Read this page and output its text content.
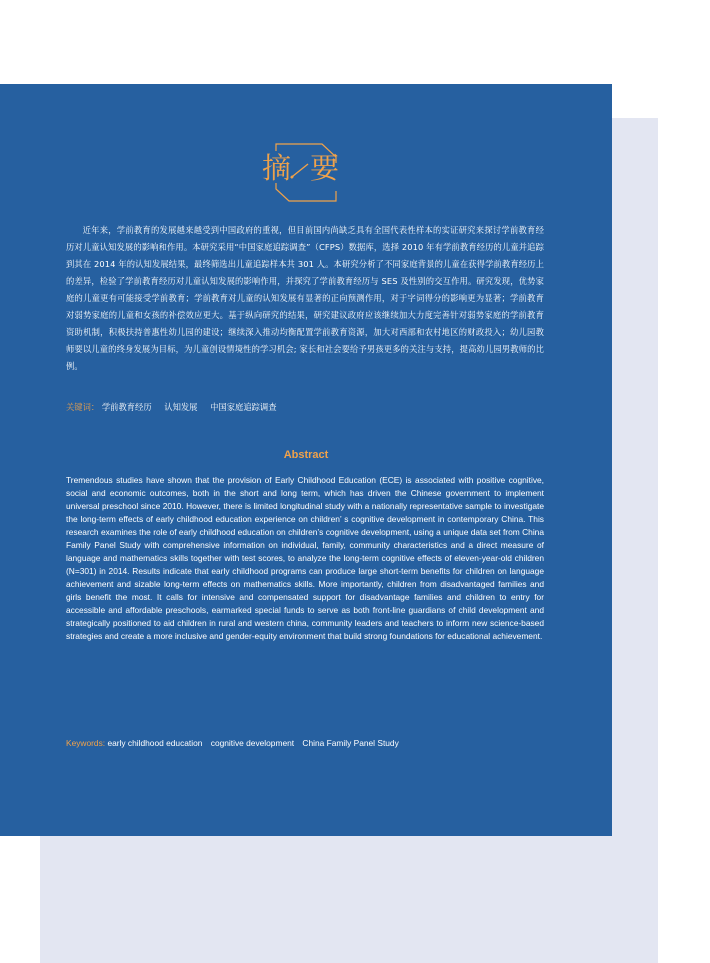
摘 要

近年来，学前教育的发展越来越受到中国政府的重视，但目前国内尚缺乏具有全国代表性样本的实证研究来探讨学前教育经历对儿童认知发展的影响和作用。本研究采用“中国家庭追踪调查”（CFPS）数据库，选择 2010 年有学前教育经历的儿童并追踪到其在 2014 年的认知发展结果，最终筛选出儿童追踪样本共 301 人。本研究分析了不同家庭背景的儿童在获得学前教育经历上的差异，检验了学前教育经历对儿童认知发展的影响作用，并探究了学前教育经历与 SES 及性别的交互作用。研究发现，优势家庭的儿童更有可能接受学前教育；学前教育对儿童的认知发展有显著的正向预测作用，对于字词得分的影响更为显著；学前教育对弱势家庭的儿童和女孩的补偿效应更大。基于纵向研究的结果，研究建议政府应该继续加大力度完善针对弱势家庭的学前教育资助机制，积极扶持普惠性幼儿园的建设；继续深入推动均衡配置学前教育资源，加大对西部和农村地区的财政投入；幼儿园教师要以儿童的终身发展为目标，为儿童创设情境性的学习机会; 家长和社会要给予男孩更多的关注与支持，提高幼儿园男教师的比例。

关键词： 学前教育经历 认知发展 中国家庭追踪调查
Abstract

Tremendous studies have shown that the provision of Early Childhood Education (ECE) is associated with positive cognitive, social and economic outcomes, both in the short and long term, which has driven the Chinese government to implement universal preschool since 2010. However, there is limited longitudinal study with a nationally representative sample to investigate the long-term effects of early childhood education experience on children’ s cognitive development in contemporary China. This research examines the role of early childhood education on children’s cognitive development, using a unique data set from China Family Panel Study with comprehensive information on individual, family, community characteristics and a direct measure of language and mathematics skills together with test scores, to analyze the long-term cognitive effects of eleven-year-old children (N=301) in 2014. Results indicate that early childhood programs can produce large short-term benefits for children on language achievement and sizable long-term effects on mathematics skills. More importantly, children from disadvantaged families and girls benefit the most. It calls for intensive and compensated support for disadvantage families and children to entry for accessible and affordable preschools, earmarked special funds to serve as both front-line guardians of child development and strategically positioned to aid children in rural and western china, community leaders and teachers to inform new science-based strategies and create a more inclusive and gender-equity environment that build strong foundations for educational achievement.

Keywords: early childhood education cognitive development China Family Panel Study
